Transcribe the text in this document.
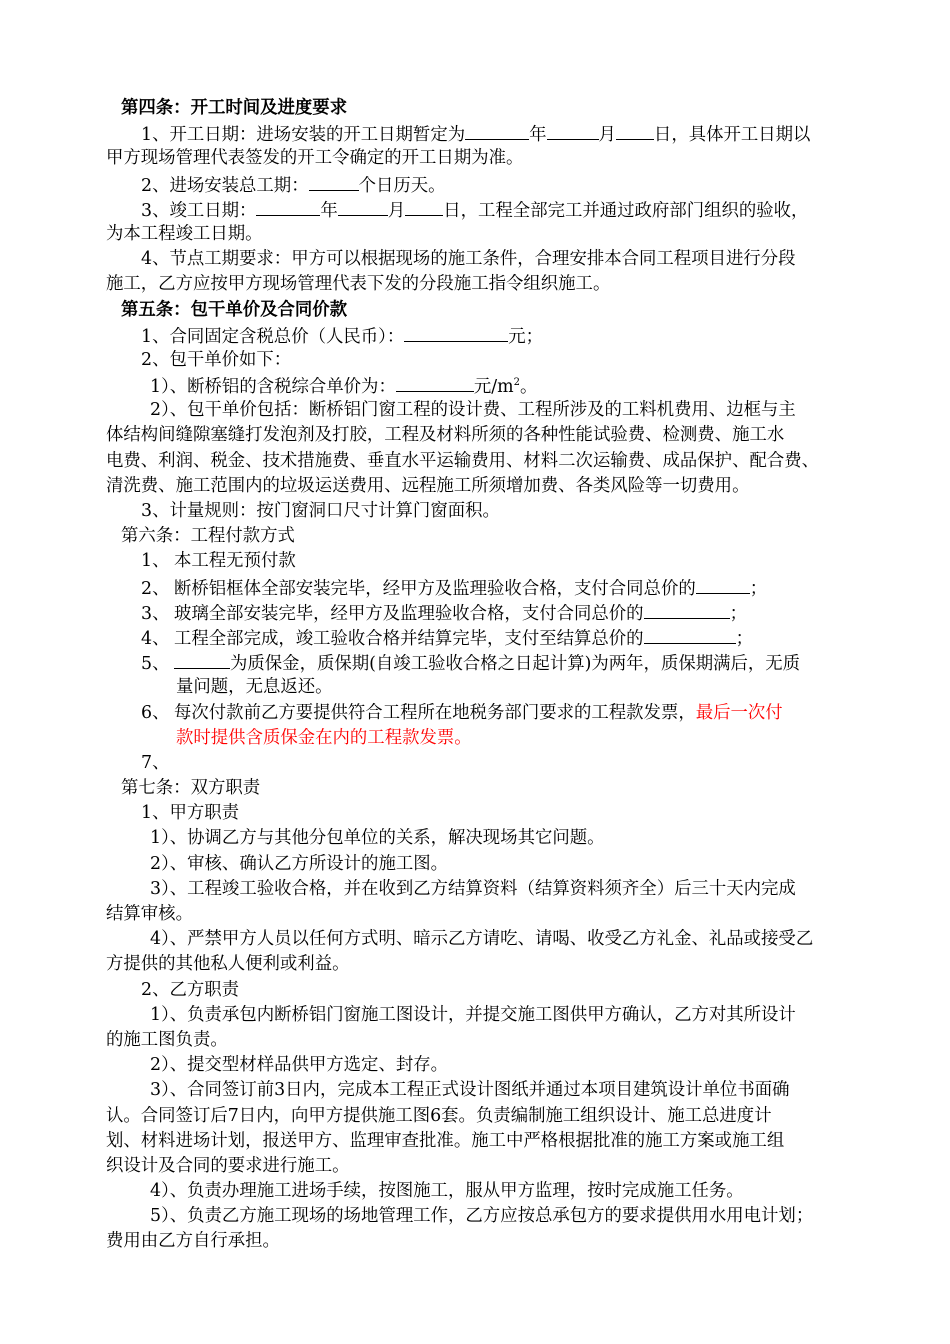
第四条：开工时间及进度要求
1、开工日期：进场安装的开工日期暂定为	年	月 日，具体开工日期以
甲方现场管理代表签发的开工令确定的开工日期为准。
2、进场安装总工期：	个日历天。
3、竣工日期：	年	月 日，工程全部完工并通过政府部门组织的验收，
为本工程竣工日期。
4、节点工期要求：甲方可以根据现场的施工条件，合理安排本合同工程项目进行分段
施工，乙方应按甲方现场管理代表下发的分段施工指令组织施工。
第五条：包干单价及合同价款
1、合同固定含税总价（人民币）：	元；
2、包干单价如下：
1）、断桥铝的含税综合单价为：	元$/m^2$。
2）、包干单价包括：断桥铝门窗工程的设计费、工程所涉及的工料机费用、边框与主
体结构间缝隙塞缝打发泡剂及打胶，工程及材料所须的各种性能试验费、检测费、施工水
电费、利润、税金、技术措施费、垂直水平运输费用、材料二次运输费、成品保护、配合费、
清洗费、施工范围内的垃圾运送费用、远程施工所须增加费、各类风险等一切费用。
3、计量规则：按门窗洞口尺寸计算门窗面积。
第六条：工程付款方式
1、 本工程无预付款
2、 断桥铝框体全部安装完毕，经甲方及监理验收合格，支付合同总价的	；
3、 玻璃全部安装完毕，经甲方及监理验收合格，支付合同总价的	；
4、 工程全部完成，竣工验收合格并结算完毕，支付至结算总价的	；
5、	为质保金，质保期(自竣工验收合格之日起计算)为两年，质保期满后，无质
量问题，无息返还。
6、 每次付款前乙方要提供符合工程所在地税务部门要求的工程款发票，最后一次付
款时提供含质保金在内的工程款发票。
7、
第七条：双方职责
1、甲方职责
1）、协调乙方与其他分包单位的关系，解决现场其它问题。
2）、审核、确认乙方所设计的施工图。
3）、工程竣工验收合格，并在收到乙方结算资料（结算资料须齐全）后三十天内完成
结算审核。
4）、严禁甲方人员以任何方式明、暗示乙方请吃、请喝、收受乙方礼金、礼品或接受乙
方提供的其他私人便利或利益。
2、乙方职责
1）、负责承包内断桥铝门窗施工图设计，并提交施工图供甲方确认，乙方对其所设计
的施工图负责。
2）、提交型材样品供甲方选定、封存。
3）、合同签订前3日内，完成本工程正式设计图纸并通过本项目建筑设计单位书面确
认。合同签订后7日内，向甲方提供施工图6套。负责编制施工组织设计、施工总进度计
划、材料进场计划，报送甲方、监理审查批准。施工中严格根据批准的施工方案或施工组
织设计及合同的要求进行施工。
4）、负责办理施工进场手续，按图施工，服从甲方监理，按时完成施工任务。
5）、负责乙方施工现场的场地管理工作，乙方应按总承包方的要求提供用水用电计划；
费用由乙方自行承担。
